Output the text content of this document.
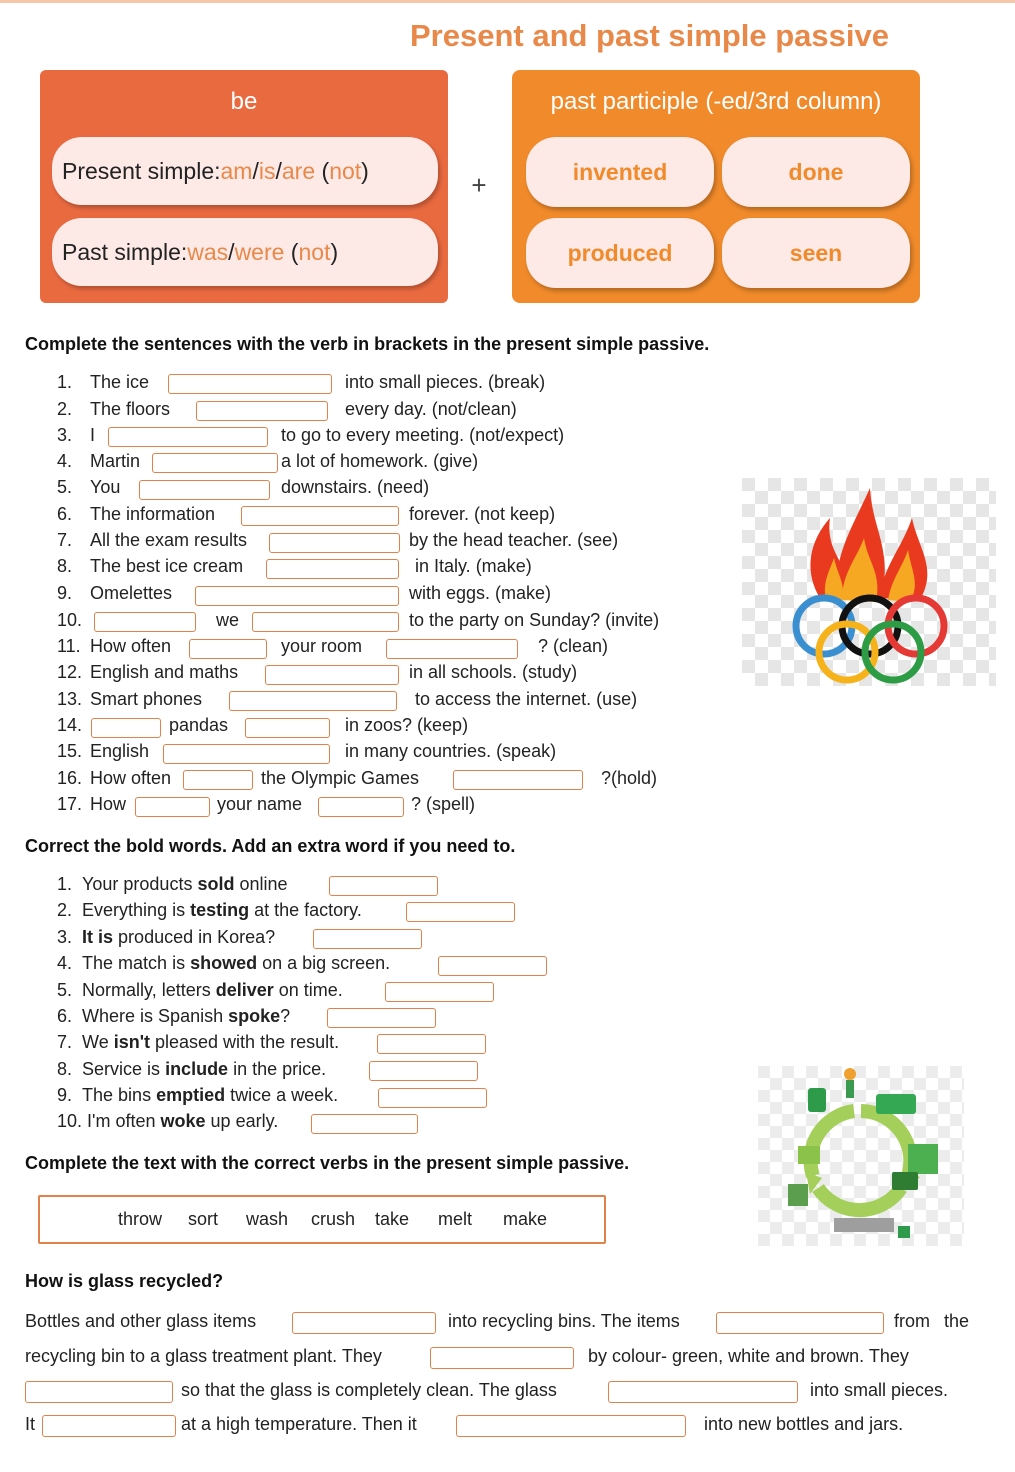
Present and past simple passive
be
Present simple: am / is / are ( not )
Past simple: was / were ( not )
+
past participle (-ed/3rd column)
invented	done
produced	seen
Complete the sentences with the verb in brackets in the present simple passive.
1. The ice	into small pieces. (break)
2. The floors	every day. (not/clean)
3. I	to go to every meeting. (not/expect)
4. Martin	a lot of homework. (give)
5. You	downstairs. (need)
6. The information	forever. (not keep)
7. All the exam results	by the head teacher. (see)
8. The best ice cream	in Italy. (make)
9. Omelettes	with eggs. (make)
10.	we	to the party on Sunday? (invite)
11. How often	your room	? (clean)
12. English and maths	in all schools. (study)
13. Smart phones	to access the internet. (use)
14.	pandas	in zoos? (keep)
15. English	in many countries. (speak)
16. How often	the Olympic Games	?(hold)
17. How	your name	? (spell)
Correct the bold words. Add an extra word if you need to.
1. Your products sold online
2. Everything is testing at the factory.
3. It is produced in Korea?
4. The match is showed on a big screen.
5. Normally, letters deliver on time.
6. Where is Spanish spoke?
7. We isn't pleased with the result.
8. Service is include in the price.
9. The bins emptied twice a week.
10. I'm often woke up early.
Complete the text with the correct verbs in the present simple passive.
throw sort wash crush take melt make
How is glass recycled?
Bottles and other glass items	into recycling bins. The items	from the
recycling bin to a glass treatment plant. They	by colour- green, white and brown. They
so that the glass is completely clean. The glass	into small pieces.
It	at a high temperature. Then it	into new bottles and jars.
